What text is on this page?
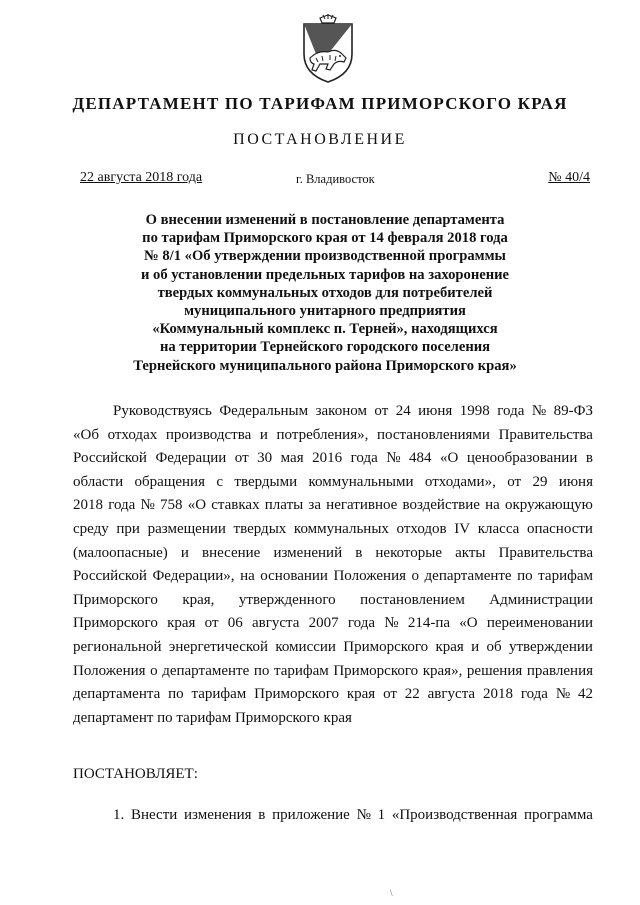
ДЕПАРТАМЕНТ ПО ТАРИФАМ ПРИМОРСКОГО КРАЯ
ПОСТАНОВЛЕНИЕ
22 августа 2018 года	г. Владивосток	№ 40/4
О внесении изменений в постановление департамента
по тарифам Приморского края от 14 февраля 2018 года
№ 8/1 «Об утверждении производственной программы
и об установлении предельных тарифов на захоронение
твердых коммунальных отходов для потребителей
муниципального унитарного предприятия
«Коммунальный комплекс п. Терней», находящихся
на территории Тернейского городского поселения
Тернейского муниципального района Приморского края»
Руководствуясь Федеральным законом от 24 июня 1998 года № 89-ФЗ
«Об отходах производства и потребления», постановлениями Правительства
Российской Федерации от 30 мая 2016 года № 484 «О ценообразовании в
области обращения с твердыми коммунальными отходами», от 29 июня
2018 года № 758 «О ставках платы за негативное воздействие на окружающую
среду при размещении твердых коммунальных отходов IV класса опасности
(малоопасные) и внесение изменений в некоторые акты Правительства
Российской Федерации», на основании Положения о департаменте по тарифам
Приморского края, утвержденного постановлением Администрации
Приморского края от 06 августа 2007 года № 214-па «О переименовании
региональной энергетической комиссии Приморского края и об утверждении
Положения о департаменте по тарифам Приморского края», решения правления
департамента по тарифам Приморского края от 22 августа 2018 года № 42
департамент по тарифам Приморского края
ПОСТАНОВЛЯЕТ:
1. Внести изменения в приложение № 1 «Производственная программа
\
